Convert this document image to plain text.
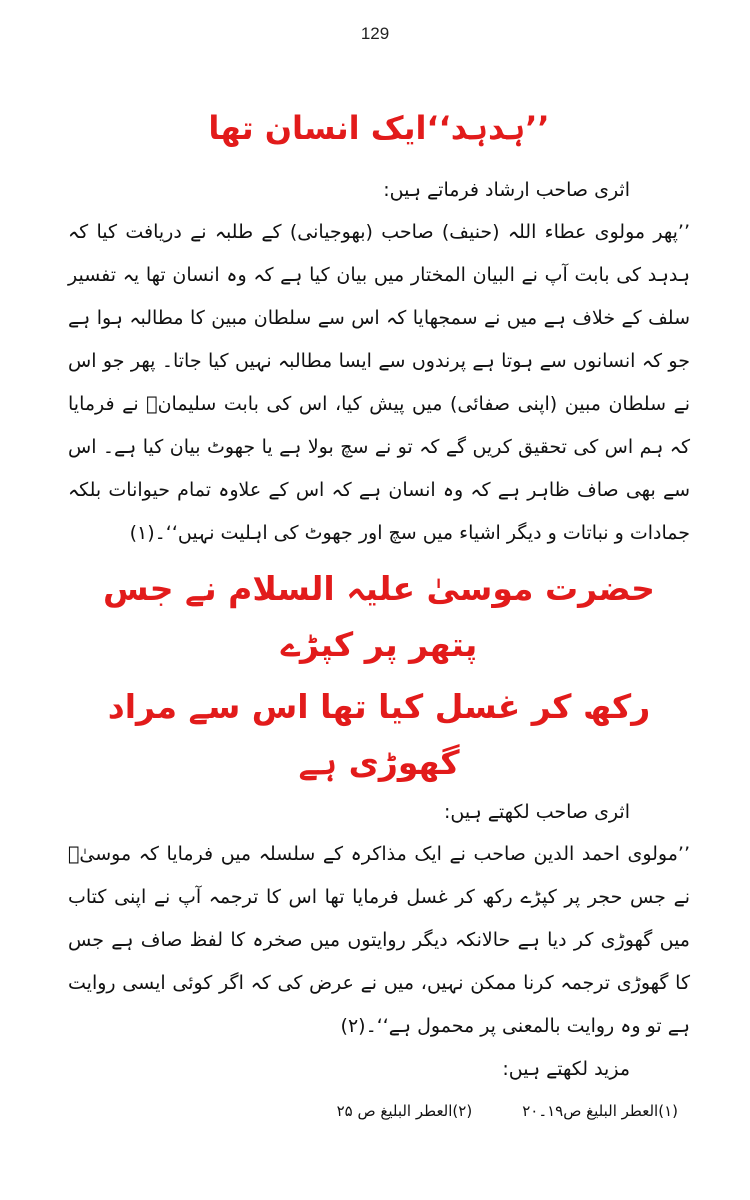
129
’’ہدہد‘‘ایک انسان تھا

اثری صاحب ارشاد فرماتے ہیں:

’’پھر مولوی عطاء اللہ (حنیف) صاحب (بھوجیانی) کے طلبہ نے دریافت کیا کہ ہدہد کی بابت آپ نے البیان المختار میں بیان کیا ہے کہ وہ انسان تھا یہ تفسیر سلف کے خلاف ہے میں نے سمجھایا کہ اس سے سلطان مبین کا مطالبہ ہوا ہے جو کہ انسانوں سے ہوتا ہے پرندوں سے ایسا مطالبہ نہیں کیا جاتا۔ پھر جو اس نے سلطان مبین (اپنی صفائی) میں پیش کیا، اس کی بابت سلیمانؑ نے فرمایا کہ ہم اس کی تحقیق کریں گے کہ تو نے سچ بولا ہے یا جھوٹ بیان کیا ہے۔ اس سے بھی صاف ظاہر ہے کہ وہ انسان ہے کہ اس کے علاوہ تمام حیوانات بلکہ جمادات و نباتات و دیگر اشیاء میں سچ اور جھوٹ کی اہلیت نہیں‘‘۔(۱)

حضرت موسیٰ علیہ السلام نے جس پتھر پر کپڑے
رکھ کر غسل کیا تھا اس سے مراد گھوڑی ہے

اثری صاحب لکھتے ہیں:

’’مولوی احمد الدین صاحب نے ایک مذاکرہ کے سلسلہ میں فرمایا کہ موسیٰؑ نے جس حجر پر کپڑے رکھ کر غسل فرمایا تھا اس کا ترجمہ آپ نے اپنی کتاب میں گھوڑی کر دیا ہے حالانکہ دیگر روایتوں میں صخرہ کا لفظ صاف ہے جس کا گھوڑی ترجمہ کرنا ممکن نہیں، میں نے عرض کی کہ اگر کوئی ایسی روایت ہے تو وہ روایت بالمعنی پر محمول ہے‘‘۔(۲)

مزید لکھتے ہیں:

(۱)العطر البلیغ ص۱۹۔۲۰
(۲)العطر البلیغ ص ۲۵
